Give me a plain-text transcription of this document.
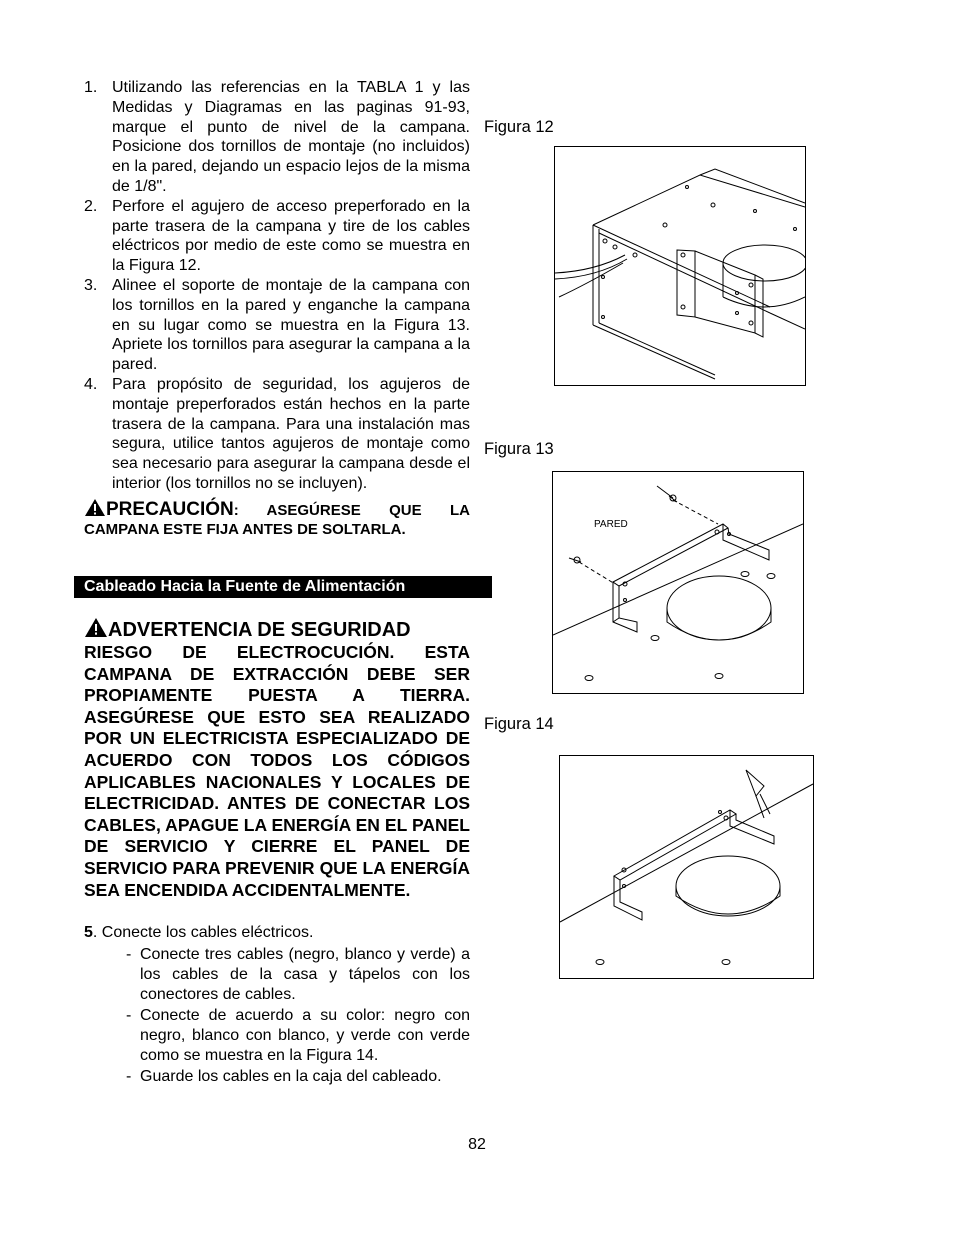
1. Utilizando las referencias en la TABLA 1 y las Medidas y Diagramas en las paginas 91-93, marque el punto de nivel de la campana. Posicione dos tornillos de montaje (no incluidos) en la pared, dejando un espacio lejos de la misma de 1/8".
2. Perfore el agujero de acceso preperforado en la parte trasera de la campana y tire de los cables eléctricos por medio de este como se muestra en la Figura 12.
3. Alinee el soporte de montaje de la campana con los tornillos en la pared y enganche la campana en su lugar como se muestra en la Figura 13. Apriete los tornillos para asegurar la campana a la pared.
4. Para propósito de seguridad, los agujeros de montaje preperforados están hechos en la parte trasera de la campana. Para una instalación mas segura, utilice tantos agujeros de montaje como sea necesario para asegurar la campana desde el interior (los tornillos no se incluyen).
PRECAUCIÓN: ASEGÚRESE QUE LA CAMPANA ESTE FIJA ANTES DE SOLTARLA.
Cableado Hacia la Fuente de Alimentación
ADVERTENCIA DE SEGURIDAD
RIESGO DE ELECTROCUCIÓN. ESTA CAMPANA DE EXTRACCIÓN DEBE SER PROPIAMENTE PUESTA A TIERRA. ASEGÚRESE QUE ESTO SEA REALIZADO POR UN ELECTRICISTA ESPECIALIZADO DE ACUERDO CON TODOS LOS CÓDIGOS APLICABLES NACIONALES Y LOCALES DE ELECTRICIDAD. ANTES DE CONECTAR LOS CABLES, APAGUE LA ENERGÍA EN EL PANEL DE SERVICIO Y CIERRE EL PANEL DE SERVICIO PARA PREVENIR QUE LA ENERGÍA SEA ENCENDIDA ACCIDENTALMENTE.
5. Conecte los cables eléctricos.
- Conecte tres cables (negro, blanco y verde) a los cables de la casa y tápelos con los conectores de cables.
- Conecte de acuerdo a su color: negro con negro, blanco con blanco, y verde con verde como se muestra en la Figura 14.
- Guarde los cables en la caja del cableado.
Figura 12
Figura 13
PARED
Figura 14
82
